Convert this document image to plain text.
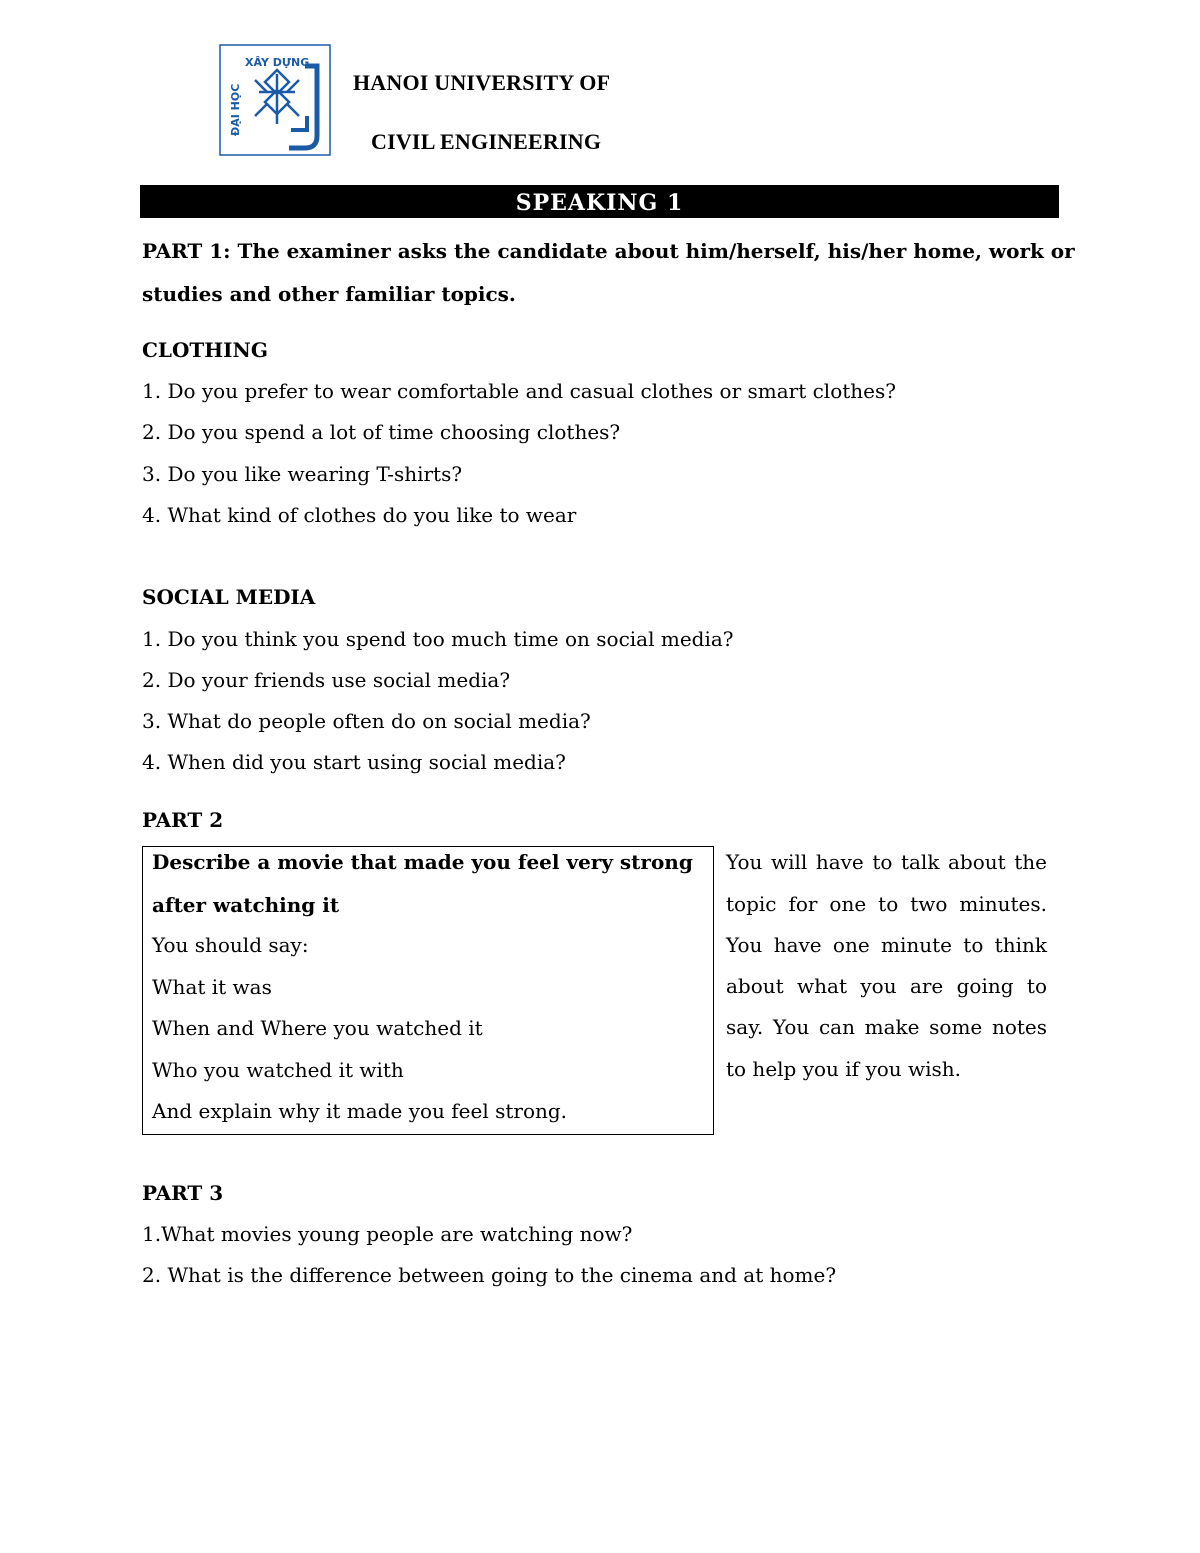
XÂY DỰNG
ĐẠI HỌC
HANOI UNIVERSITY OF
CIVIL ENGINEERING
SPEAKING 1
PART 1: The examiner asks the candidate about him/herself, his/her home, work or
studies and other familiar topics.
CLOTHING
1. Do you prefer to wear comfortable and casual clothes or smart clothes?
2. Do you spend a lot of time choosing clothes?
3. Do you like wearing T-shirts?
4. What kind of clothes do you like to wear
SOCIAL MEDIA
1. Do you think you spend too much time on social media?
2. Do your friends use social media?
3. What do people often do on social media?
4. When did you start using social media?
PART 2
Describe a movie that made you feel very strong
after watching it
You should say:
What it was
When and Where you watched it
Who you watched it with
And explain why it made you feel strong.
You will have to talk about the
topic for one to two minutes.
You have one minute to think
about what you are going to
say. You can make some notes
to help you if you wish.
PART 3
1.What movies young people are watching now?
2. What is the difference between going to the cinema and at home?
